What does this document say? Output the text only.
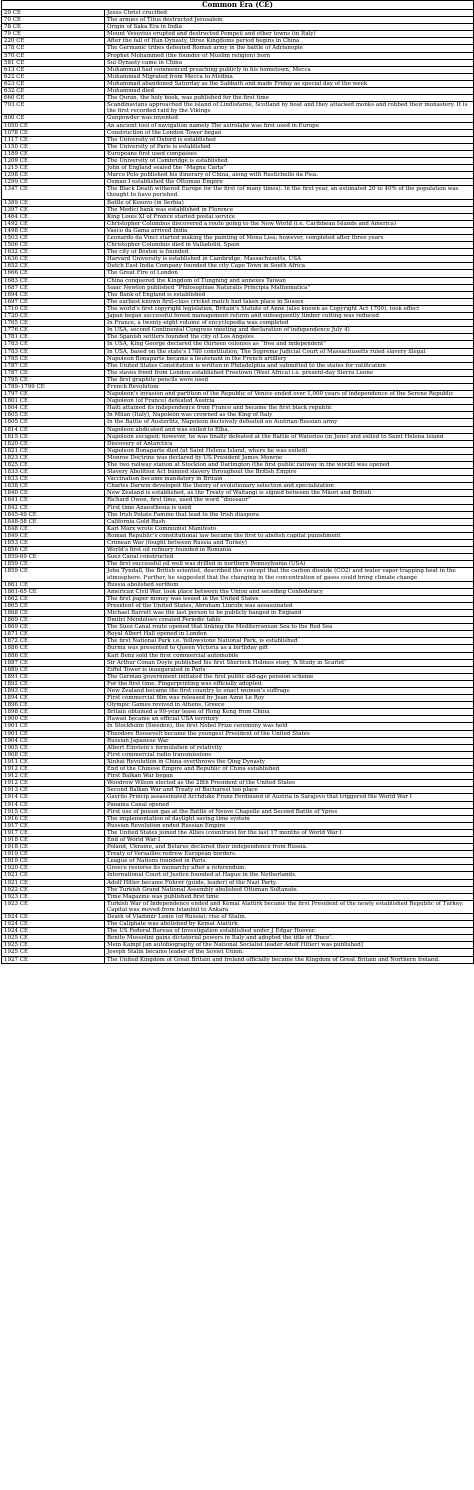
Common Era (CE)	
29 CE	Jesus Christ crucified
70 CE	The armies of Titus destructed Jerusalem
78 CE	Origin of Saka Era in India
79 CE	Mount Vesuvius erupted and destructed Pompeii and other towns (in Italy)
220 CE	After the fall of Han Dynasty, three Kingdoms period begins in China
378 CE	The Germanic tribes defeated Roman army in the battle of Adrianople
570 CE	Prophet Mohammed (the founder of Muslim religion) born
581 CE	Sui Dynasty came in China
613 CE	Muhammad had commenced preaching publicly in his hometown, Mecca
622 CE	Muhammad Migrated from Mecca to Medina
623 CE	Muhammad abandoned Saturday as the Sabbath and made Friday as special day of the week
632 CE	Muhammad died
660 CE	The Quran, the holy book, was published for the first time
793 CE	Scandinavians approached the island of Lindisfarne, Scotland by boat and they attacked monks and robbed their monastery. It is the first recorded raid by the Vikings
800 CE	Gunpowder was invented
1050 CE	An ancient tool of navigation namely The astrolabe was first used in Europe
1078 CE	Construction of the London Tower began
1117 CE	The University of Oxford is established
1150 CE	The University of Paris is established
1189 CE	Europeans first used compasses
1209 CE	The University of Cambridge is established
1215 CE	John of England sealed the “Magna Carta”
1298 CE	Marco Polo published his itinerary of China, along with Rustichello da Pisa.
1299 CE	Osman I established the Ottoman Empire
1347 CE	The Black Death withered Europe for the first (of many times). In the first year, an estimated 20 to 40% of the population was thought to have perished.
1389 CE	Battle of Kosovo (in Serbia)
1397 CE	The Medici bank was established in Florence
1464 CE	King Louis XI of France started postal service
1492 CE	Christopher Columbus discovered a route going to the New World (i.e. Caribbean Islands and America)
1498 CE	Vasco da Gama arrived India
1503 CE	Leonardo da Vinci started making the painting of Mona Lisa; however, completed after three years
1506 CE	Christopher Columbus died in Valladolid, Spain
1632 CE	The city of Boston is founded
1636 CE	Harvard University is established in Cambridge, Massachusetts, USA
1652 CE	Dutch East India Company founded the city Cape Town in South Africa
1666 CE	The Great Fire of London
1683 CE	China conquered the Kingdom of Tungning and annexes Taiwan
1687 CE	Isaac Newton published “Philosophiae Naturalis Principia Mathematica”
1694 CE	The Bank of England is established
1697 CE	The earliest known first-class cricket match had taken place in Sussex
1710 CE	The world’s first copyright legislation, Britain’s Statute of Anne (also known as Copyright Act 1709), took effect
1720 CE	Japan began successful forest management reform and subsequently timber cutting was reduced
1765 CE	In France, a twenty-eight volume of encyclopedia was completed
1776 CE	In USA, second Continental Congress meeting and declaration of independence July 4)
1781 CE	The Spanish settlers founded the city of Los Angeles
1783 CE	In USA, King George declared the thirteen colonies as “free and independent”
1783 CE	In USA, based on the state’s 1780 constitution, The Supreme Judicial Court of Massachusetts ruled slavery illegal
1785 CE	Napoleon Bonaparte became a lieutenant in the French artillery
1787 CE	The United States Constitution is written in Philadelphia and submitted to the states for ratification
1787 CE	The slaves freed from London established Freetown (West Africa) i.e. present-day Sierra Leone
1795 CE	The first graphite pencils were used
1789–1799 CE	French Revolution
1797 CE	Napoleon’s invasion and partition of the Republic of Venice ended over 1,000 years of independence of the Serene Republic
1801 CE	Napoleon (of France) defeated Austria
1804 CE	Haiti attained its independence from France and became the first black republic
1805 CE	In Milan (Italy), Napoleon was crowned as the King of Italy
1805 CE	In the Battle of Austerlitz, Napoleon decisively defeated an Austrian-Russian army
1814 CE	Napoleon abdicated and was exiled to Elba.
1815 CE	Napoleon escaped; however, he was finally defeated at the Battle of Waterloo (in June) and exiled to Saint Helena Island
1820 CE	Discovery of Antarctica
1821 CE	Napoleon Bonaparte died (at Saint Helena Island, where he was exiled)
1823 CE	Monroe Doctrine was declared by US President James Monroe
1825 CE	The two railway station at Stockton and Darlington (the first public railway in the world) was opened
1833 CE	Slavery Abolition Act banned slavery throughout the British Empire
1833 CE	Vaccination became mandatory in Britain
1838 CE	Charles Darwin developed the theory of evolutionary selection and specialization
1840 CE	New Zealand is established, as the Treaty of Waitangi is signed between the Māori and British
1841 CE	Richard Owen, first time, used the word “dinosaur”
1842 CE	First time Anaesthesia is used
1845-49 CE	The Irish Potato Famine that lead to the Irish diaspora
1848-58 CE	California Gold Rush
1848 CE	Karl Marx wrote Communist Manifesto
1849 CE	Roman Republic’s constitutional law became the first to abolish capital punishment
1853 CE	Crimean War (fought between Russia and Turkey)
1856 CE	World’s first oil refinery founded in Romania
1859-69 CE	Suez Canal constructed
1859 CE	The first successful oil well was drilled in northern Pennsylvania (USA)
1859 CE	John Tyndall, the British scientist, described the concept that the carbon dioxide (CO2) and water vapor trapping heat in the atmosphere. Further, he suggested that the changing in the concentration of gases could bring climate change
1861 CE	Russia abolished serfdom
1861-65 CE	American Civil War, took place between the Union and seceding Confederacy
1862 CE	The first paper money was issued in the United States
1865 CE	President of the United States, Abraham Lincoln was assassinated
1868 CE	Michael Barrett was the last person to be publicly hanged in England
1869 CE	Dmitri Mendeleev created Periodic table
1869 CE	The Suez Canal route opened that linking the Mediterranean Sea to the Red Sea
1871 CE	Royal Albert Hall opened in London
1872 CE	The first National Park i.e. Yellowstone National Park, is established
1886 CE	Burma was presented to Queen Victoria as a birthday gift
1886 CE	Karl Benz sold the first commercial automobile
1887 CE	Sir Arthur Conan Doyle published his first Sherlock Holmes story, ‘A Study in Scarlet’
1889 CE	Eiffel Tower is inaugurated in Paris
1891 CE	The German government initiated the first public old-age pension scheme
1892 CE	For the first time, Fingerprinting was officially adopted.
1893 CE	New Zealand became the first country to enact women’s suffrage
1894 CE	First commercial film was released by Jean Aimé Le Roy
1896 CE	Olympic Games revived in Athens, Greece
1898 CE	Britain obtained a 99-year lease of Hong Kong from China
1900 CE	Hawaii became an official USA territory
1901 CE	In Stockholm (Sweden), the first Nobel Prize ceremony was held
1901 CE	Theodore Roosevelt became the youngest President of the United States
1904 CE	Russian Japanese War
1905 CE	Albert Einstein’s formulation of relativity
1908 CE	First commercial radio transmissions
1911 CE	Xinhai Revolution in China overthrows the Qing Dynasty
1912 CE	End of the Chinese Empire and Republic of China established
1912 CE	First Balkan War began
1912 CE	Woodrow Wilson elected as the 28th President of the United States
1913 CE	Second Balkan War and Treaty of Bucharest too place
1914 CE	Gavrilo Princip assassinated Archduke Franz Ferdinand of Austria in Sarajevo that triggered the World War I
1914 CE	Panama Canal opened
1915 CE	First use of poison gas at the Battle of Neuve Chapelle and Second Battle of Ypres
1916 CE	The implementation of daylight saving time system
1917 CE	Russian Revolution ended Russian Empire
1917 CE	The United States joined the Allies (countries) for the last 17 months of World War I
1918 CE	End of World War I
1918 CE	Poland, Ukraine, and Belarus declared their independence from Russia.
1919 CE	Treaty of Versailles redrew European borders.
1919 CE	League of Nations founded in Paris.
1920 CE	Greece restores its monarchy after a referendum.
1921 CE	International Court of Justice founded at Hague in the Netherlands.
1921 CE	Adolf Hitler became Führer (guide, leader) of the Nazi Party.
1922 CE	The Turkish Grand National Assembly abolished Ottoman Sultanate.
1923 CE	Time Magazine was published first time
1923 CE	Turkish War of Independence ended and Kemal Atatürk became the first President of the newly established Republic of Turkey. Capital was moved from Istanbul to Ankara
1924 CE	Death of Vladimir Lenin (of Russia); rise of Stalin.
1924 CE	The Caliphate was abolished by Kemal Atatürk.
1924 CE	The US Federal Bureau of Investigation established under J Edgar Hoover.
1925 CE	Benito Mussolini gains dictatorial powers in Italy and adopted the title of ‘Duce’.
1925 CE	Mein Kampf [an autobiography of the National Socialist leader Adolf Hitler) was published]
1925 CE	Joseph Stalin became leader of the Soviet Union.
1927 CE	The United Kingdom of Great Britain and Ireland officially became the Kingdom of Great Britain and Northern Ireland.
